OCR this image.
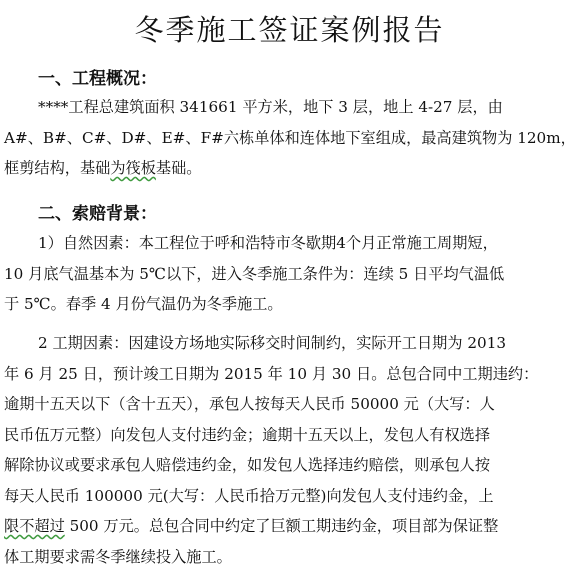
冬季施工签证案例报告
一、工程概况：
****工程总建筑面积 341661 平方米，地下 3 层，地上 4-27 层，由
A#、B#、C#、D#、E#、F#六栋单体和连体地下室组成，最高建筑物为 120m，
框剪结构，基础为筏板基础。
二、索赔背景：
1）自然因素：本工程位于呼和浩特市冬歇期4个月正常施工周期短，
10 月底气温基本为 5℃以下，进入冬季施工条件为：连续 5 日平均气温低
于 5℃。春季 4 月份气温仍为冬季施工。
2 工期因素：因建设方场地实际移交时间制约，实际开工日期为 2013
年 6 月 25 日，预计竣工日期为 2015 年 10 月 30 日。总包合同中工期违约：
逾期十五天以下（含十五天），承包人按每天人民币 50000 元（大写：人
民币伍万元整）向发包人支付违约金；逾期十五天以上，发包人有权选择
解除协议或要求承包人赔偿违约金，如发包人选择违约赔偿，则承包人按
每天人民币 100000 元(大写：人民币拾万元整)向发包人支付违约金，上
限不超过 500 万元。总包合同中约定了巨额工期违约金，项目部为保证整
体工期要求需冬季继续投入施工。
